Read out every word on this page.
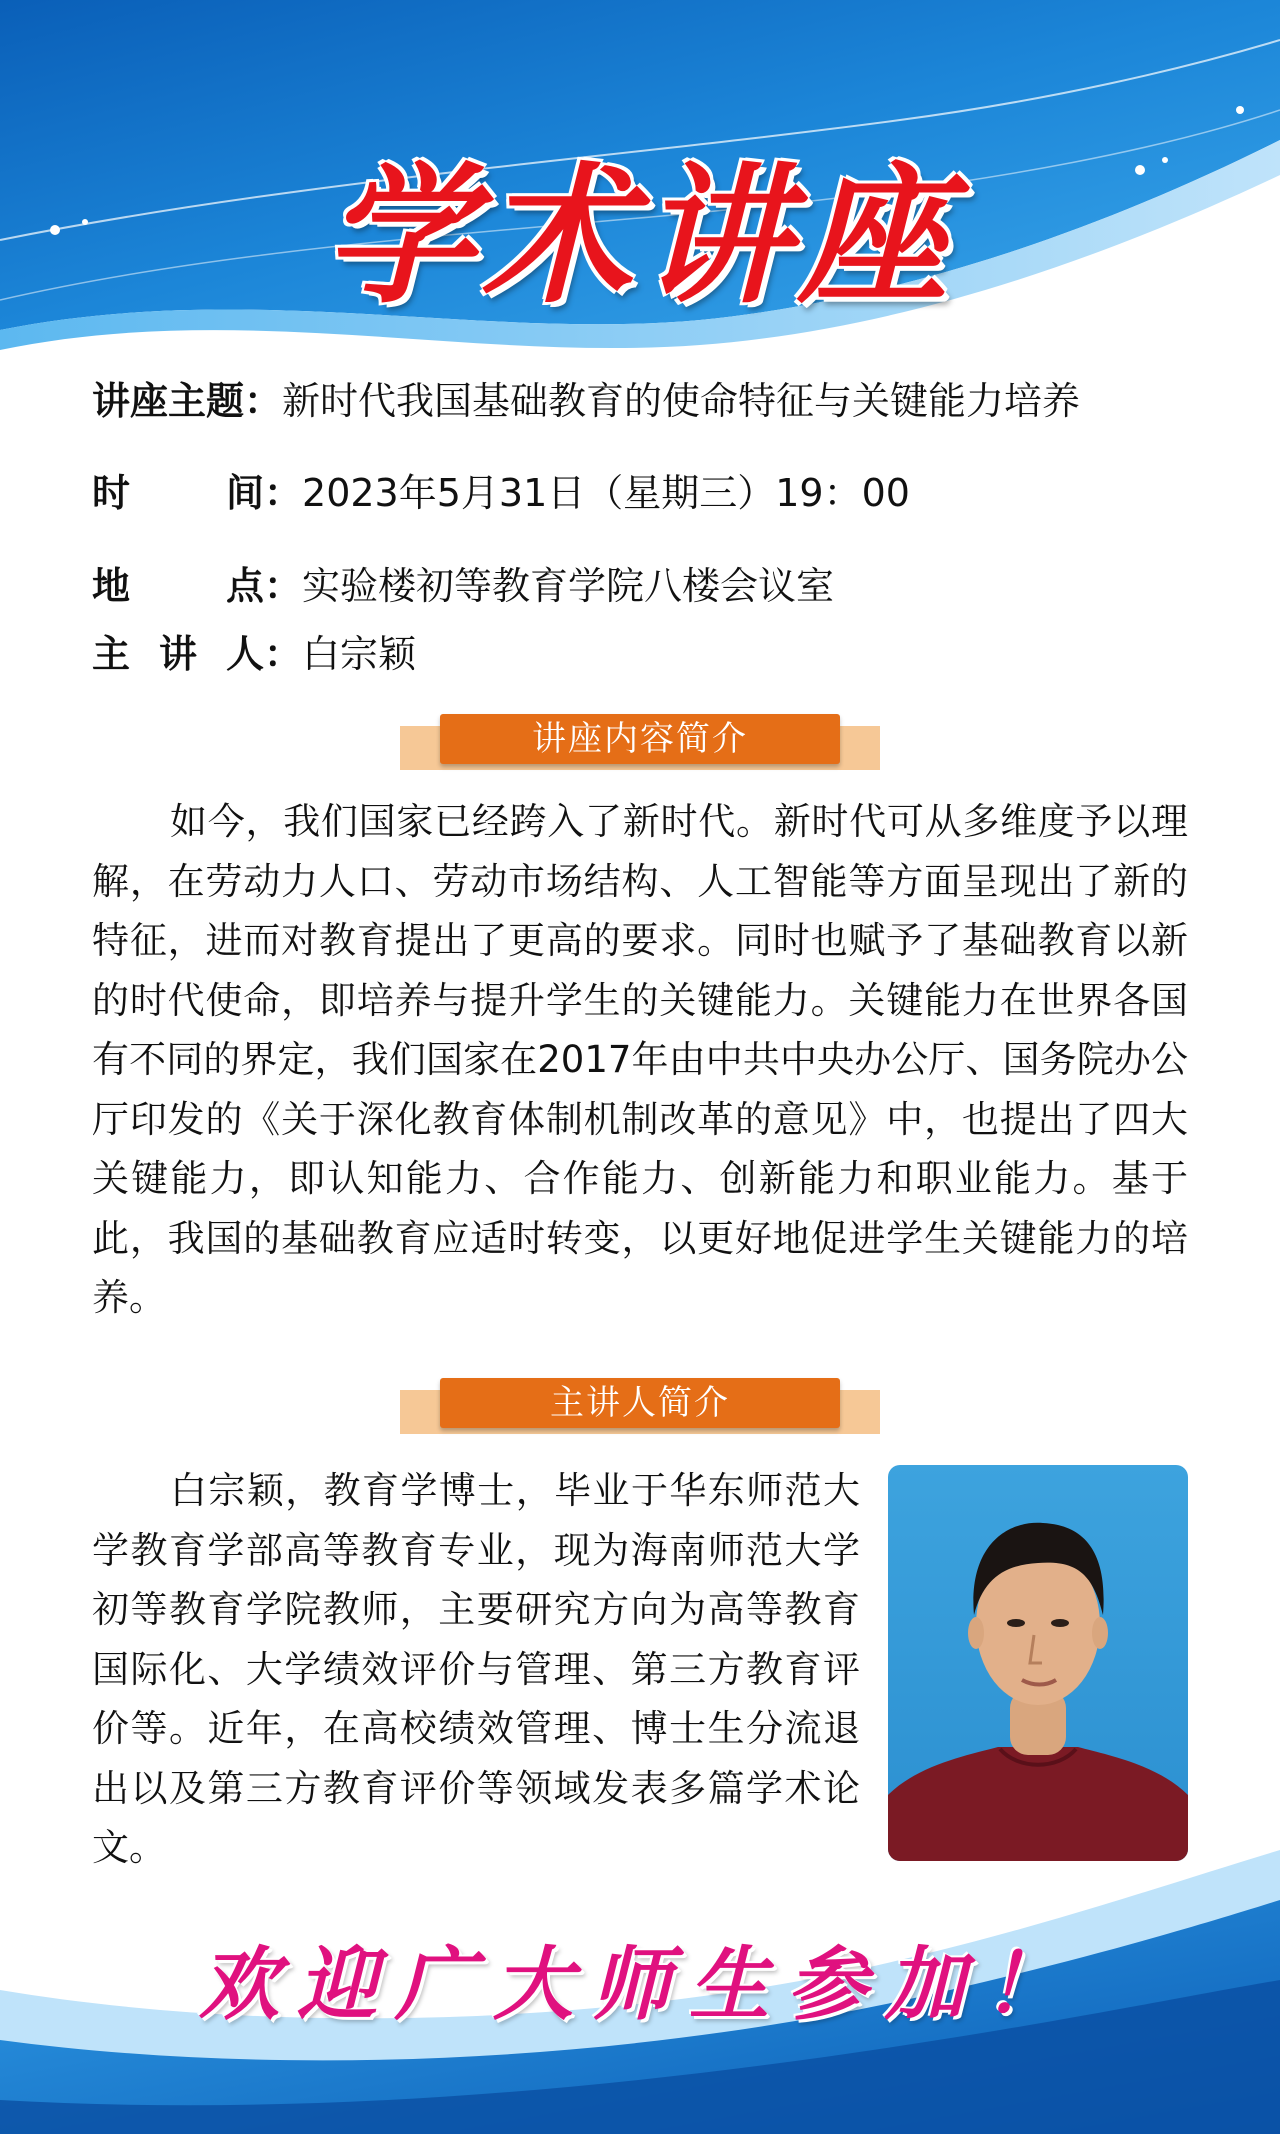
学术讲座
讲座主题：新时代我国基础教育的使命特征与关键能力培养
时 间：2023年5月31日（星期三）19：00
地 点：实验楼初等教育学院八楼会议室
主讲人：白宗颖
讲座内容简介
如今，我们国家已经跨入了新时代。新时代可从多维度予以理解，在劳动力人口、劳动市场结构、人工智能等方面呈现出了新的特征，进而对教育提出了更高的要求。同时也赋予了基础教育以新的时代使命，即培养与提升学生的关键能力。关键能力在世界各国有不同的界定，我们国家在2017年由中共中央办公厅、国务院办公厅印发的《关于深化教育体制机制改革的意见》中，也提出了四大关键能力，即认知能力、合作能力、创新能力和职业能力。基于此，我国的基础教育应适时转变，以更好地促进学生关键能力的培养。
主讲人简介
白宗颖，教育学博士，毕业于华东师范大学教育学部高等教育专业，现为海南师范大学初等教育学院教师，主要研究方向为高等教育国际化、大学绩效评价与管理、第三方教育评价等。近年，在高校绩效管理、博士生分流退出以及第三方教育评价等领域发表多篇学术论文。
欢迎广大师生参加！
